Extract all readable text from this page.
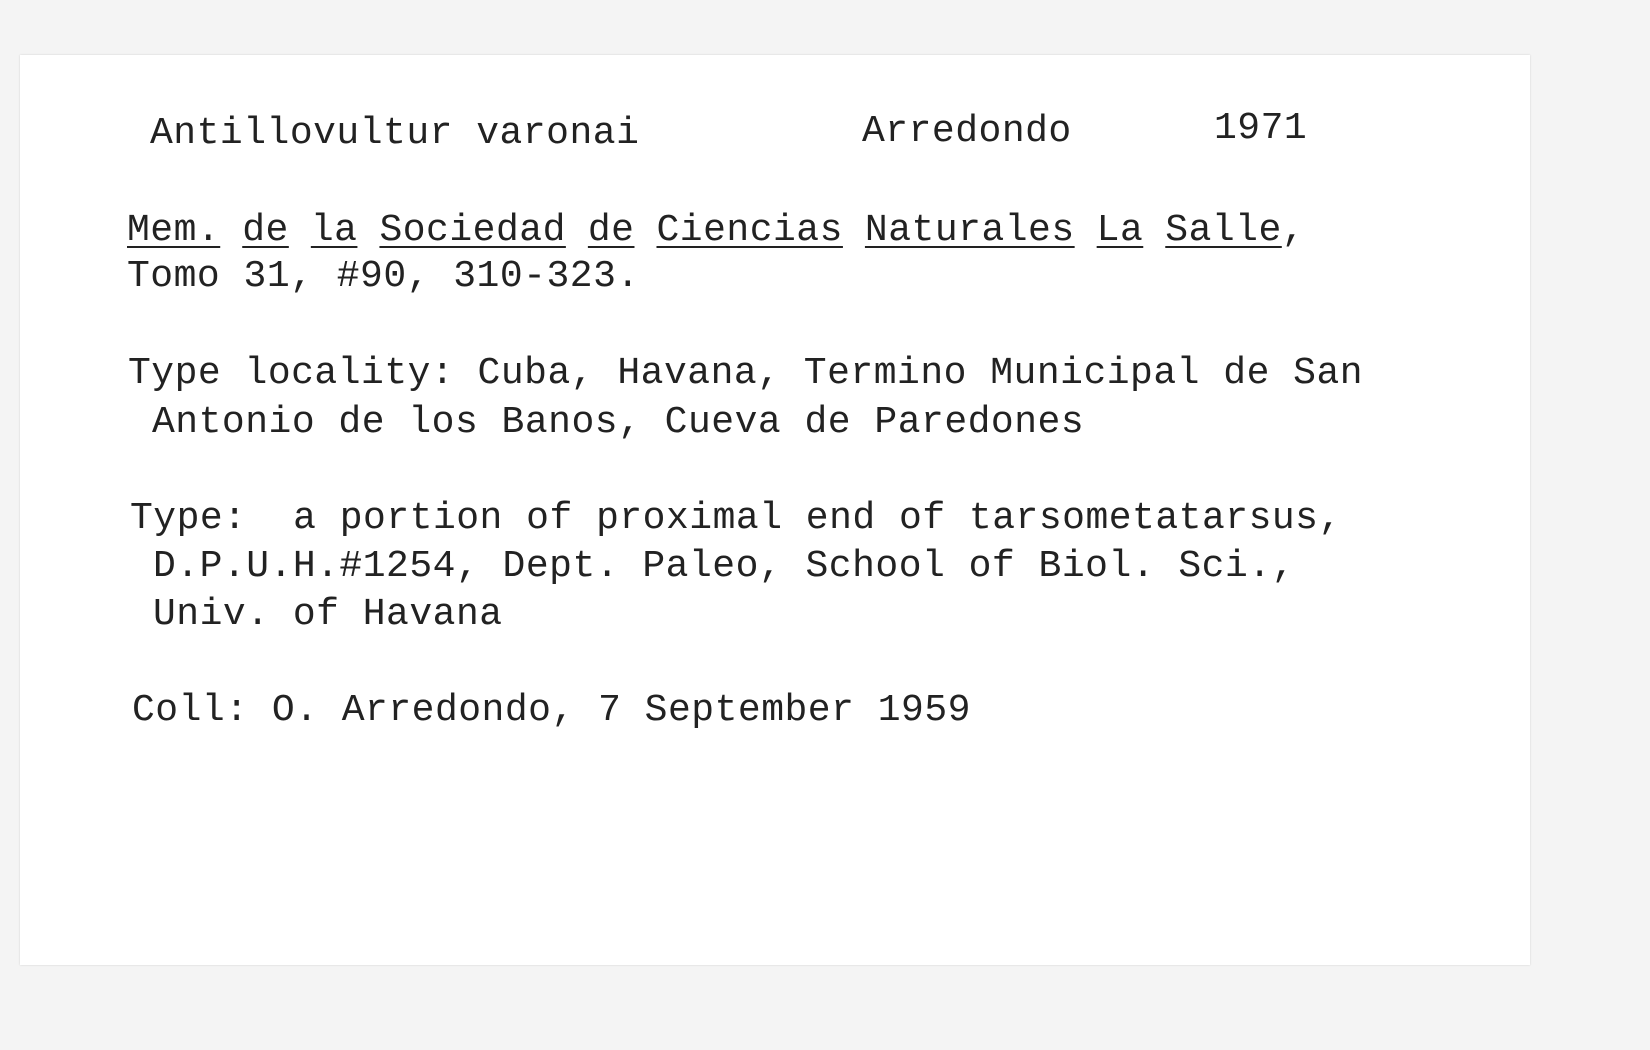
Antillovultur varonai	Arredondo	1971
Mem. de la Sociedad de Ciencias Naturales La Salle,
Tomo 31, #90, 310-323.
Type locality: Cuba, Havana, Termino Municipal de San
Antonio de los Banos, Cueva de Paredones
Type:  a portion of proximal end of tarsometatarsus,
D.P.U.H.#1254, Dept. Paleo, School of Biol. Sci.,
Univ. of Havana
Coll: O. Arredondo, 7 September 1959
